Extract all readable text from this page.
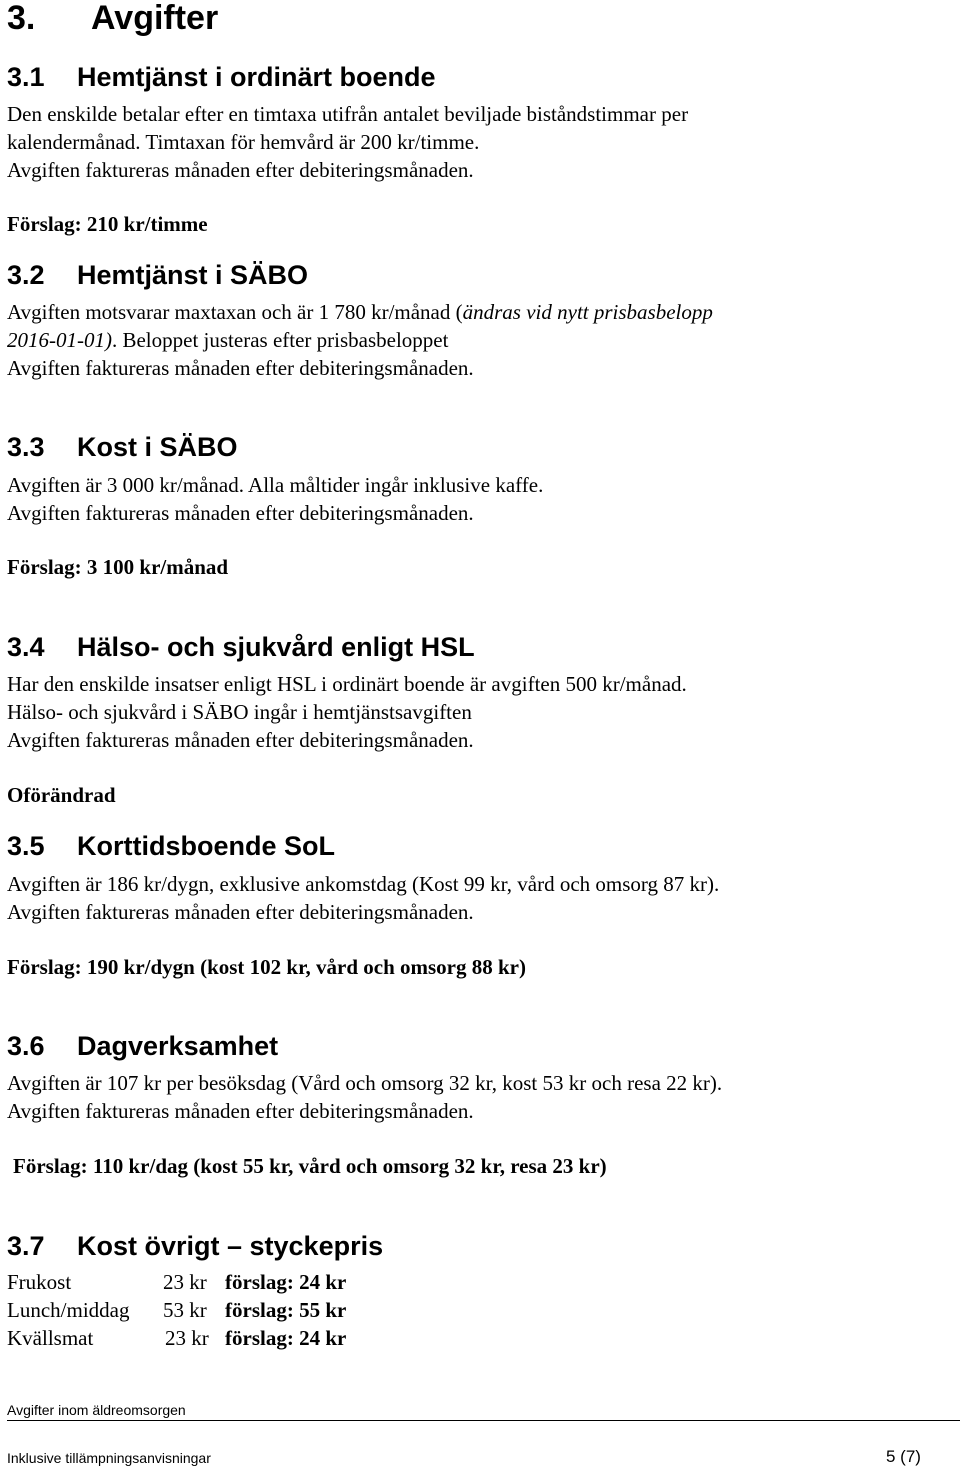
3. Avgifter
3.1 Hemtjänst i ordinärt boende
Den enskilde betalar efter en timtaxa utifrån antalet beviljade biståndstimmar per
kalendermånad. Timtaxan för hemvård är 200 kr/timme.
Avgiften faktureras månaden efter debiteringsmånaden.
Förslag: 210 kr/timme
3.2 Hemtjänst i SÄBO
Avgiften motsvarar maxtaxan och är 1 780 kr/månad (ändras vid nytt prisbasbelopp
2016-01-01). Beloppet justeras efter prisbasbeloppet
Avgiften faktureras månaden efter debiteringsmånaden.
3.3 Kost i SÄBO
Avgiften är 3 000 kr/månad. Alla måltider ingår inklusive kaffe.
Avgiften faktureras månaden efter debiteringsmånaden.
Förslag: 3 100 kr/månad
3.4 Hälso- och sjukvård enligt HSL
Har den enskilde insatser enligt HSL i ordinärt boende är avgiften 500 kr/månad.
Hälso- och sjukvård i SÄBO ingår i hemtjänstsavgiften
Avgiften faktureras månaden efter debiteringsmånaden.
Oförändrad
3.5 Korttidsboende SoL
Avgiften är 186 kr/dygn, exklusive ankomstdag (Kost 99 kr, vård och omsorg 87 kr).
Avgiften faktureras månaden efter debiteringsmånaden.
Förslag: 190 kr/dygn (kost 102 kr, vård och omsorg 88 kr)
3.6 Dagverksamhet
Avgiften är 107 kr per besöksdag (Vård och omsorg 32 kr, kost 53 kr och resa 22 kr).
Avgiften faktureras månaden efter debiteringsmånaden.
Förslag: 110 kr/dag (kost 55 kr, vård och omsorg 32 kr, resa 23 kr)
3.7 Kost övrigt – styckepris
Frukost	23 kr förslag: 24 kr
Lunch/middag 53 kr förslag: 55 kr
Kvällsmat	23 kr förslag: 24 kr
Avgifter inom äldreomsorgen
Inklusive tillämpningsanvisningar	5 (7)
